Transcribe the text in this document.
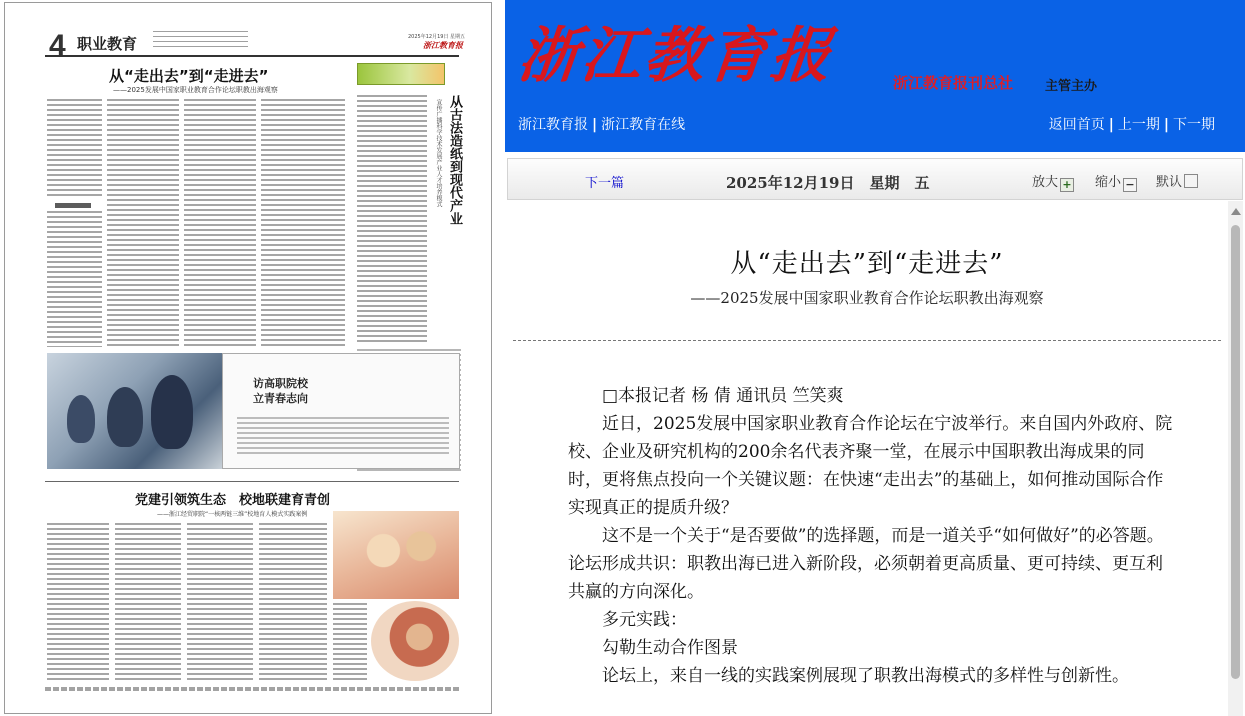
4 职业教育	2025年12月19日 星期五
浙江教育报
从“走出去”到“走进去”
——2025发展中国家职业教育合作论坛职教出海观察
从古法造纸到现代产业
宣传广播科学技术发展产业人才培养模式
访高职院校
立青春志向
党建引领筑生态　校地联建育青创
——浙江经贸职院“一核两链三维”校地育人模式实践案例
浙江教育报	浙江教育报刊总社 主管主办
浙江教育报 | 浙江教育在线	返回首页 | 上一期 | 下一期
下一篇	2025年12月19日　星期　五	放大 + 缩小 − 默认
从“走出去”到“走进去”
——2025发展中国家职业教育合作论坛职教出海观察

□本报记者 杨 倩 通讯员 竺笑爽

近日，2025发展中国家职业教育合作论坛在宁波举行。来自国内外政府、院校、企业及研究机构的200余名代表齐聚一堂，在展示中国职教出海成果的同时，更将焦点投向一个关键议题：在快速“走出去”的基础上，如何推动国际合作实现真正的提质升级？

这不是一个关于“是否要做”的选择题，而是一道关乎“如何做好”的必答题。论坛形成共识：职教出海已进入新阶段，必须朝着更高质量、更可持续、更互利共赢的方向深化。

多元实践：

勾勒生动合作图景

论坛上，来自一线的实践案例展现了职教出海模式的多样性与创新性。
